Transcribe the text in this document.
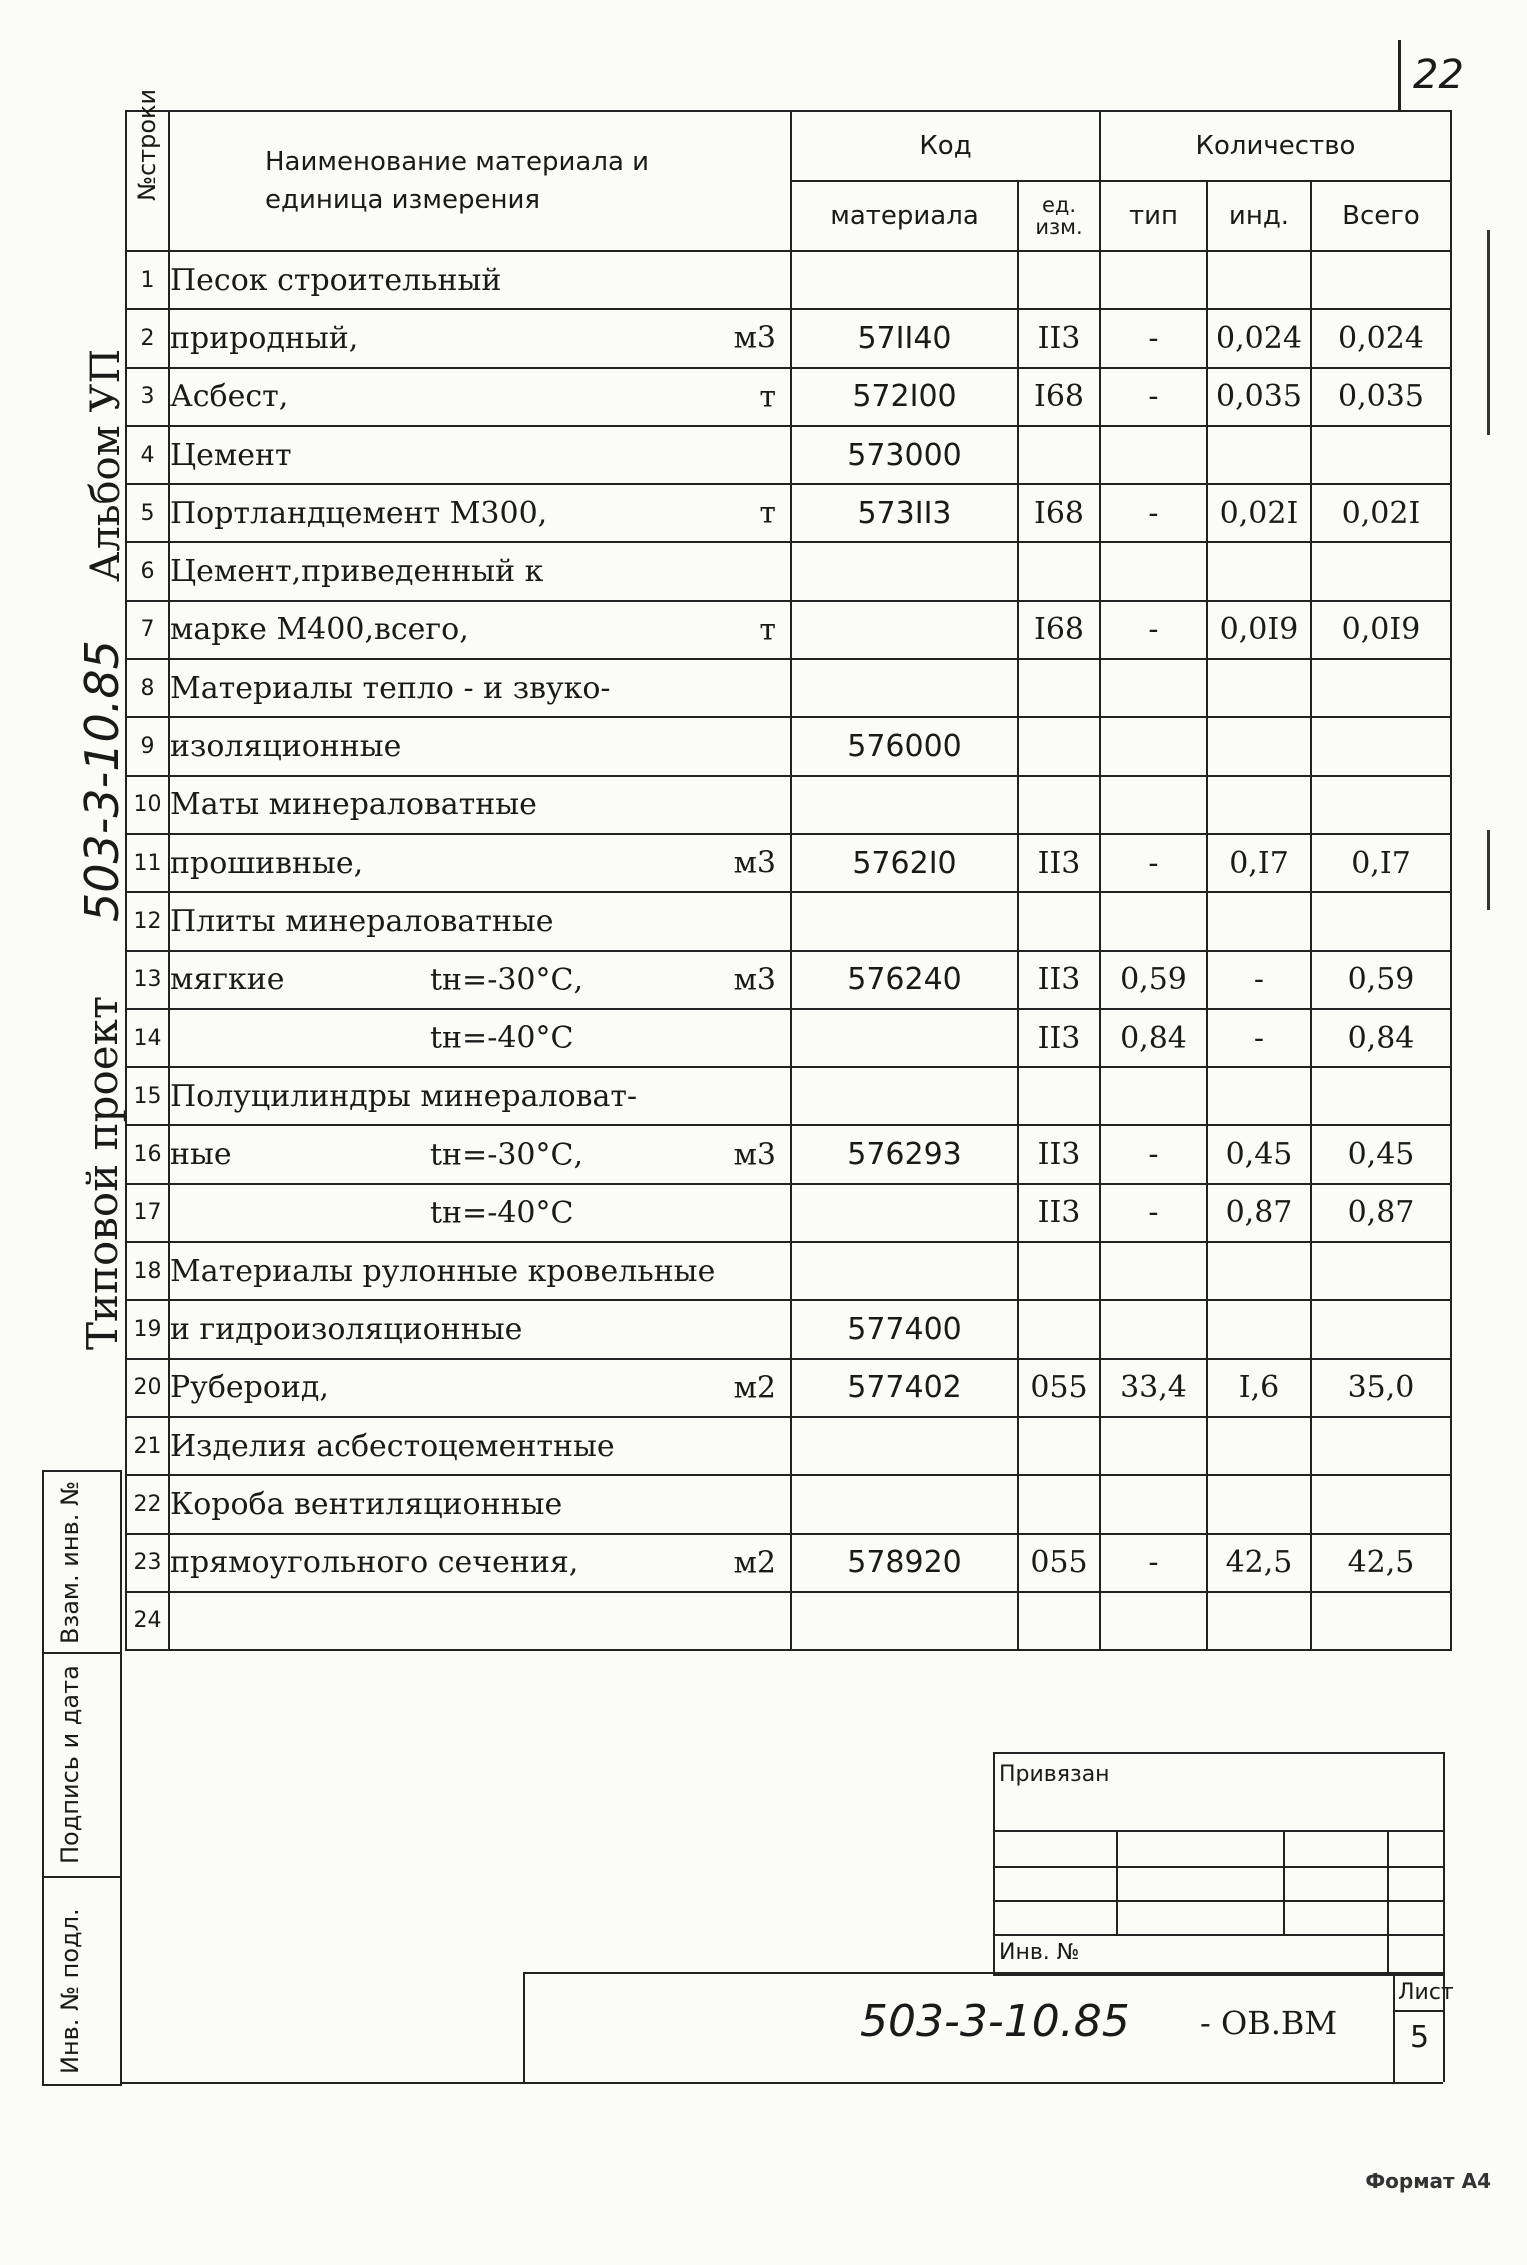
22
Альбом УП
503-3-10.85
Типовой проект
№строки	Наименование материала и единица измерения	Код		Количество		
		материала	ед. изм.	тип	инд.	Всего
1	Песок строительный

2	природный, м3	57II40	II3	-	0,024	0,024
3	Асбест, т	572I00	I68	-	0,035	0,035
4	Цемент	573000				
5	Портландцемент М300, т	573II3	I68	-	0,02I	0,02I
6	Цемент,приведенный к

7	марке М400,всего, т		I68	-	0,0I9	0,0I9
8	Материалы тепло - и звуко-

9	изоляционные	576000				
10	Маты минераловатные

11	прошивные, м3	5762I0	II3	-	0,I7	0,I7
12	Плиты минераловатные

13	мягкие tн=-30°С, м3	576240	II3	0,59	-	0,59
14	tн=-40°С		II3	0,84	-	0,84
15	Полуцилиндры минераловат-

16	ные tн=-30°С, м3	576293	II3	-	0,45	0,45
17	tн=-40°С		II3	-	0,87	0,87
18	Материалы рулонные кровельные

19	и гидроизоляционные	577400				
20	Рубероид, м2	577402	055	33,4	I,6	35,0
21	Изделия асбестоцементные

22	Короба вентиляционные

23	прямоугольного сечения, м2	578920	055	-	42,5	42,5
24	

Взам. инв. №
Подпись и дата
Инв. № подл.
Привязан
Инв. №
503-3-10.85 - ОВ.ВМ
Лист
5
Формат А4
